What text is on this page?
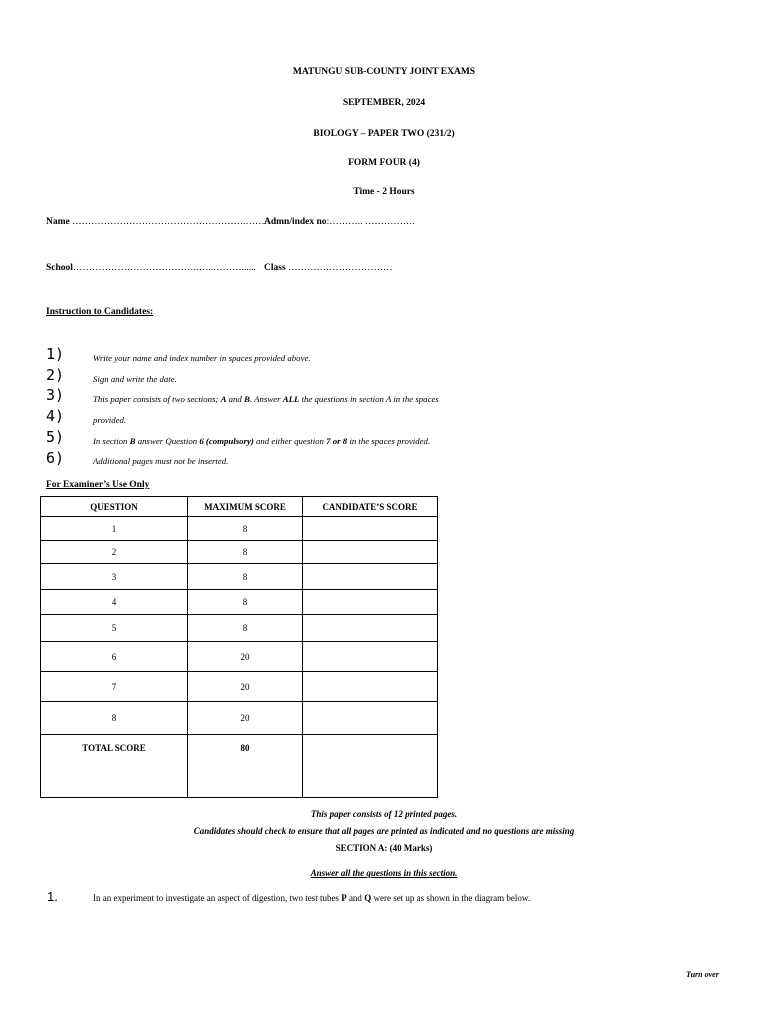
MATUNGU SUB-COUNTY JOINT EXAMS
SEPTEMBER, 2024
BIOLOGY – PAPER TWO (231/2)
FORM FOUR (4)
Time - 2 Hours
Name ……………………………………………….…….
Admn/index no:……….. …………….
School………………………………….…..………...... Class ……………………………
Instruction to Candidates:
1)
2)
3)
4)
5)
6)
Write your name and index number in spaces provided above.
Sign and write the date.
This paper consists of two sections; A and B. Answer ALL the questions in section A in the spaces
provided.
In section B answer Question 6 (compulsory) and either question 7 or 8 in the spaces provided.
Additional pages must not be inserted.
For Examiner’s Use Only
QUESTION	MAXIMUM SCORE	CANDIDATE’S SCORE
1	8	
2	8	
3	8	
4	8	
5	8	
6	20	
7	20	
8	20	
TOTAL SCORE	80	
This paper consists of 12 printed pages.
Candidates should check to ensure that all pages are printed as indicated and no questions are missing
SECTION A: (40 Marks)
Answer all the questions in this section.
1.	In an experiment to investigate an aspect of digestion, two test tubes P and Q were set up as shown in the diagram below.
Turn over
